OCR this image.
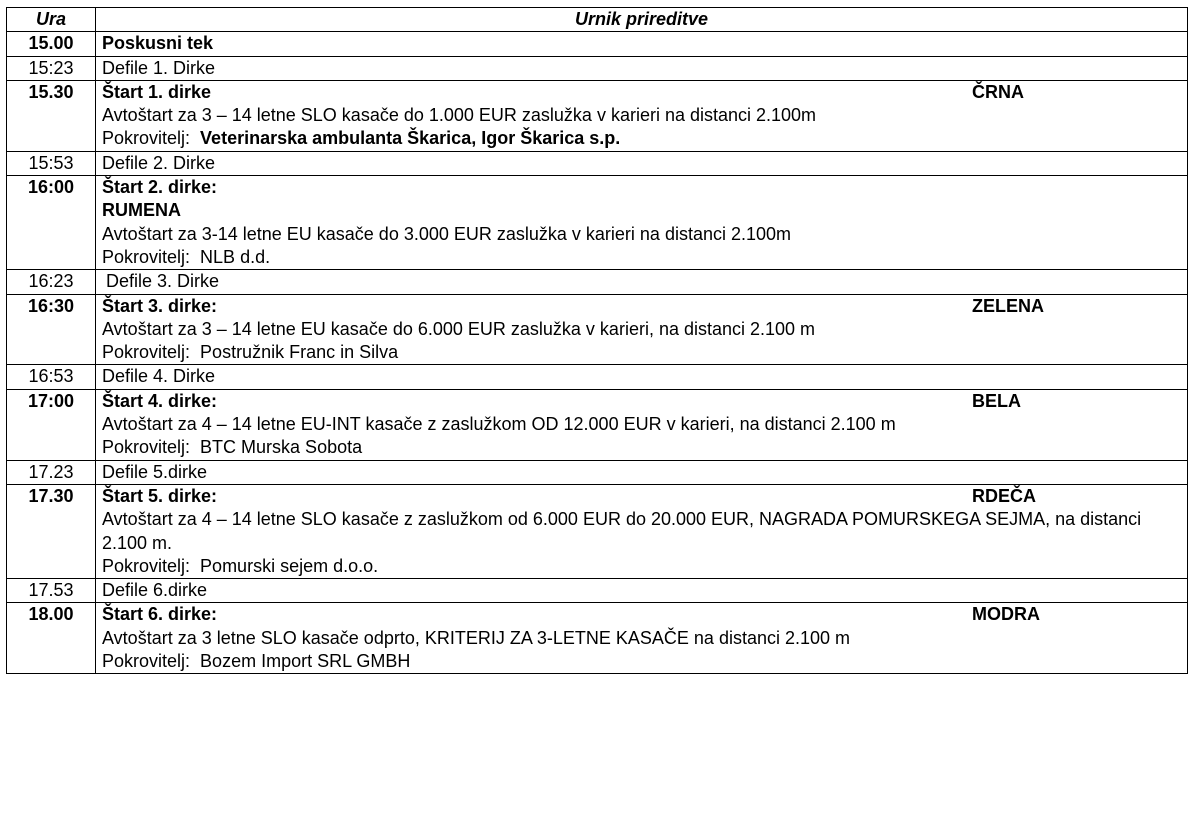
Ura	Urnik prireditve
15.00	Poskusni tek
15:23	Defile 1. Dirke
15.30	Štart 1. dirke ČRNA
Avtoštart za 3 – 14 letne SLO kasače do 1.000 EUR zaslužka v karieri na distanci 2.100m
Pokrovitelj: Veterinarska ambulanta Škarica, Igor Škarica s.p.

15:53	Defile 2. Dirke
16:00	Štart 2. dirke:
RUMENA
Avtoštart za 3-14 letne EU kasače do 3.000 EUR zaslužka v karieri na distanci 2.100m
Pokrovitelj: NLB d.d.

16:23	Defile 3. Dirke
16:30	Štart 3. dirke: ZELENA
Avtoštart za 3 – 14 letne EU kasače do 6.000 EUR zaslužka v karieri, na distanci 2.100 m
Pokrovitelj: Postružnik Franc in Silva

16:53	Defile 4. Dirke
17:00	Štart 4. dirke: BELA
Avtoštart za 4 – 14 letne EU-INT kasače z zaslužkom OD 12.000 EUR v karieri, na distanci 2.100 m
Pokrovitelj: BTC Murska Sobota

17.23	Defile 5.dirke
17.30	Štart 5. dirke: RDEČA
Avtoštart za 4 – 14 letne SLO kasače z zaslužkom od 6.000 EUR do 20.000 EUR, NAGRADA POMURSKEGA SEJMA, na distanci 2.100 m.
Pokrovitelj: Pomurski sejem d.o.o.

17.53	Defile 6.dirke
18.00	Štart 6. dirke: MODRA
Avtoštart za 3 letne SLO kasače odprto, KRITERIJ ZA 3-LETNE KASAČE na distanci 2.100 m
Pokrovitelj: Bozem Import SRL GMBH
